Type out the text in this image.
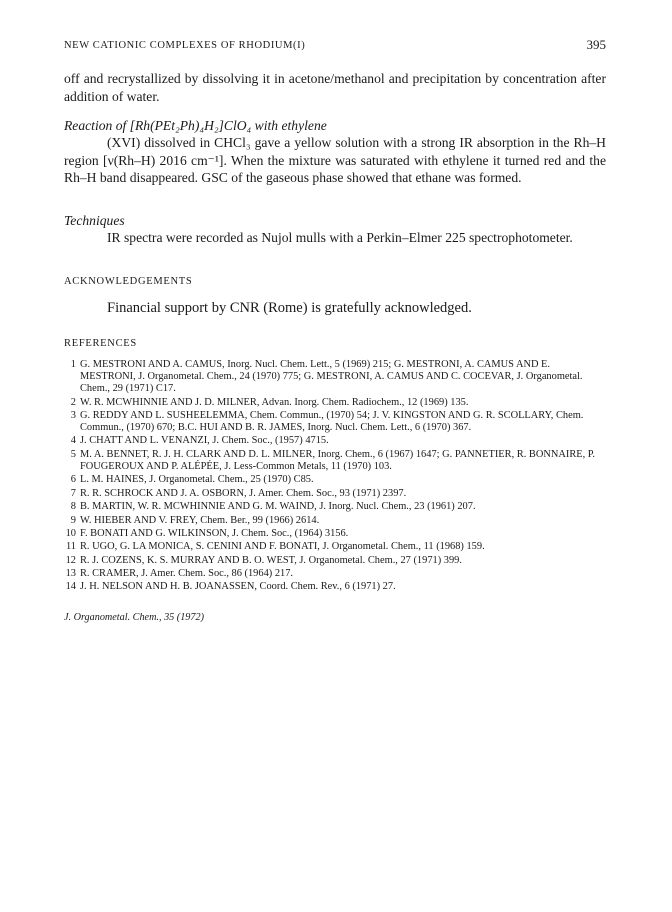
NEW CATIONIC COMPLEXES OF RHODIUM(I)	395

off and recrystallized by dissolving it in acetone/methanol and precipitation by concentration after addition of water.

Reaction of [Rh(PEt₂Ph)₄H₂]ClO₄ with ethylene

(XVI) dissolved in CHCl₃ gave a yellow solution with a strong IR absorption in the Rh–H region [ν(Rh–H) 2016 cm⁻¹]. When the mixture was saturated with ethylene it turned red and the Rh–H band disappeared. GSC of the gaseous phase showed that ethane was formed.

Techniques

IR spectra were recorded as Nujol mulls with a Perkin–Elmer 225 spectrophotometer.

ACKNOWLEDGEMENTS

Financial support by CNR (Rome) is gratefully acknowledged.

REFERENCES

1 G. MESTRONI AND A. CAMUS, Inorg. Nucl. Chem. Lett., 5 (1969) 215; G. MESTRONI, A. CAMUS AND E. MESTRONI, J. Organometal. Chem., 24 (1970) 775; G. MESTRONI, A. CAMUS AND C. COCEVAR, J. Organometal. Chem., 29 (1971) C17.

2 W. R. MCWHINNIE AND J. D. MILNER, Advan. Inorg. Chem. Radiochem., 12 (1969) 135.

3 G. REDDY AND L. SUSHEELEMMA, Chem. Commun., (1970) 54; J. V. KINGSTON AND G. R. SCOLLARY, Chem. Commun., (1970) 670; B.C. HUI AND B. R. JAMES, Inorg. Nucl. Chem. Lett., 6 (1970) 367.

4 J. CHATT AND L. VENANZI, J. Chem. Soc., (1957) 4715.

5 M. A. BENNET, R. J. H. CLARK AND D. L. MILNER, Inorg. Chem., 6 (1967) 1647; G. PANNETIER, R. BONNAIRE, P. FOUGEROUX AND P. ALÉPÉE, J. Less-Common Metals, 11 (1970) 103.

6 L. M. HAINES, J. Organometal. Chem., 25 (1970) C85.

7 R. R. SCHROCK AND J. A. OSBORN, J. Amer. Chem. Soc., 93 (1971) 2397.

8 B. MARTIN, W. R. MCWHINNIE AND G. M. WAIND, J. Inorg. Nucl. Chem., 23 (1961) 207.

9 W. HIEBER AND V. FREY, Chem. Ber., 99 (1966) 2614.

10 F. BONATI AND G. WILKINSON, J. Chem. Soc., (1964) 3156.

11 R. UGO, G. LA MONICA, S. CENINI AND F. BONATI, J. Organometal. Chem., 11 (1968) 159.

12 R. J. COZENS, K. S. MURRAY AND B. O. WEST, J. Organometal. Chem., 27 (1971) 399.

13 R. CRAMER, J. Amer. Chem. Soc., 86 (1964) 217.

14 J. H. NELSON AND H. B. JOANASSEN, Coord. Chem. Rev., 6 (1971) 27.

J. Organometal. Chem., 35 (1972)
